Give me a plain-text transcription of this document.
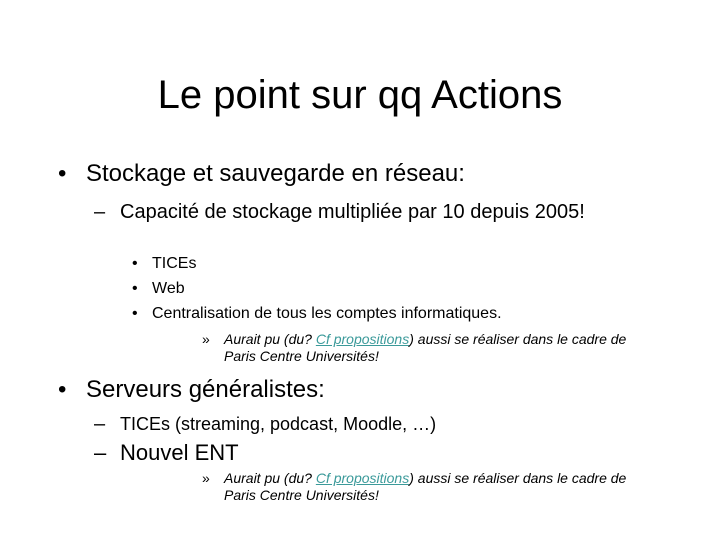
Le point sur qq Actions
• Stockage et sauvegarde en réseau:
– Capacité de stockage multipliée par 10 depuis 2005!
• TICEs
• Web
• Centralisation de tous les comptes informatiques.
»	Aurait pu (du? Cf propositions) aussi se réaliser dans le cadre de Paris Centre Universités!
• Serveurs généralistes:
– TICEs (streaming, podcast, Moodle, …)
– Nouvel ENT
»	Aurait pu (du? Cf propositions) aussi se réaliser dans le cadre de Paris Centre Universités!
